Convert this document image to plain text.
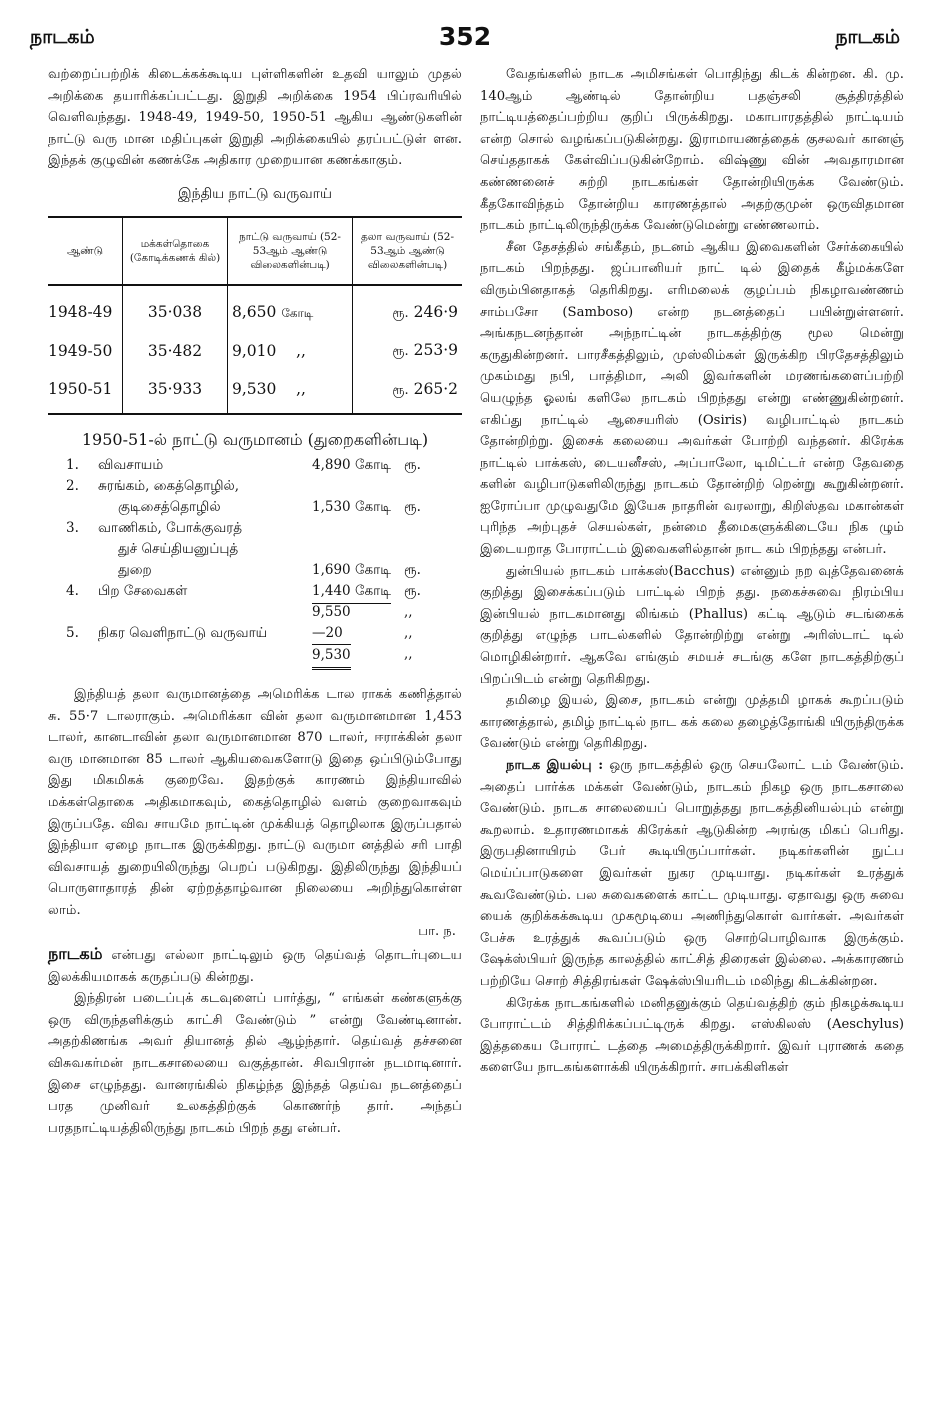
நாடகம்	352	நாடகம்

வற்றைப்பற்றிக் கிடைக்கக்கூடிய புள்ளிகளின் உதவி யாலும் முதல் அறிக்கை தயாரிக்கப்பட்டது. இறுதி அறிக்கை 1954 பிப்ரவரியில் வெளிவந்தது. 1948-49, 1949-50, 1950-51 ஆகிய ஆண்டுகளின் நாட்டு வரு மான மதிப்புகள் இறுதி அறிக்கையில் தரப்பட்டுள் ளன. இந்தக் குழுவின் கணக்கே அதிகார முறையான கணக்காகும்.

இந்திய நாட்டு வருவாய்
ஆண்டு	மக்கள்தொகை (கோடிக்கணக் கில்)	நாட்டு வருவாய் (52-53ஆம் ஆண்டு விலைகளின்படி)	தலா வருவாய் (52-53ஆம் ஆண்டு விலைகளின்படி)
1948-49	35·038	8,650 கோடி	ரூ. 246·9
1949-50	35·482	9,010 ,,	ரூ. 253·9
1950-51	35·933	9,530 ,,	ரூ. 265·2
1950-51-ல் நாட்டு வருமானம் (துறைகளின்படி)
1. விவசாயம்	4,890 கோடி ரூ.
2. சுரங்கம், கைத்தொழில்,
குடிசைத்தொழில்	1,530 கோடி ரூ.
3. வாணிகம், போக்குவரத்
துச் செய்தியனுப்புத்
துறை	1,690 கோடி ரூ.
4. பிற சேவைகள்	1,440 கோடி ரூ.
9,550	,,
5. நிகர வெளிநாட்டு வருவாய்	—20	,,
9,530	,,

இந்தியத் தலா வருமானத்தை அமெரிக்க டால ராகக் கணித்தால் சு. 55·7 டாலராகும். அமெரிக்கா வின் தலா வருமானமான 1,453 டாலர், கானடாவின் தலா வருமானமான 870 டாலர், ஈராக்கின் தலா வரு மானமான 85 டாலர் ஆகியவைகளோடு இதை ஒப்பிடும்போது இது மிகமிகக் குறைவே. இதற்குக் காரணம் இந்தியாவில் மக்கள்தொகை அதிகமாகவும், கைத்தொழில் வளம் குறைவாகவும் இருப்பதே. விவ சாயமே நாட்டின் முக்கியத் தொழிலாக இருப்பதால் இந்தியா ஏழை நாடாக இருக்கிறது. நாட்டு வருமா னத்தில் சரி பாதி விவசாயத் துறையிலிருந்து பெறப் படுகிறது. இதிலிருந்து இந்தியப் பொருளாதாரத் தின் ஏற்றத்தாழ்வான நிலையை அறிந்துகொள்ள லாம்.

பா. ந.

நாடகம் என்பது எல்லா நாட்டிலும் ஒரு தெய்வத் தொடர்புடைய இலக்கியமாகக் கருதப்படு கின்றது.

இந்திரன் படைப்புக் கடவுளைப் பார்த்து, “ எங்கள் கண்களுக்கு ஒரு விருந்தளிக்கும் காட்சி வேண்டும் ” என்று வேண்டினான். அதற்கிணங்க அவர் தியானத் தில் ஆழ்ந்தார். தெய்வத் தச்சனை விசுவகர்மன் நாடகசாலையை வகுத்தான். சிவபிரான் நடமாடினார். இசை எழுந்தது. வானரங்கில் நிகழ்ந்த இந்தத் தெய்வ நடனத்தைப் பரத முனிவர் உலகத்திற்குக் கொணர்ந் தார். அந்தப் பரதநாட்டியத்திலிருந்து நாடகம் பிறந் தது என்பர்.

வேதங்களில் நாடக அமிசங்கள் பொதிந்து கிடக் கின்றன. கி. மு. 140ஆம் ஆண்டில் தோன்றிய பதஞ்சலி சூத்திரத்தில் நாட்டியத்தைப்பற்றிய குறிப் பிருக்கிறது. மகாபாரதத்தில் நாட்டியம் என்ற சொல் வழங்கப்படுகின்றது. இராமாயணத்தைக் குசலவர் கானஞ் செய்ததாகக் கேள்விப்படுகின்றோம். விஷ்ணு வின் அவதாரமான கண்ணனைச் சுற்றி நாடகங்கள் தோன்றியிருக்க வேண்டும். கீதகோவிந்தம் தோன்றிய காரணத்தால் அதற்குமுன் ஒருவிதமான நாடகம் நாட்டிலிருந்திருக்க வேண்டுமென்று எண்ணலாம்.

சீன தேசத்தில் சங்கீதம், நடனம் ஆகிய இவைகளின் சேர்க்கையில் நாடகம் பிறந்தது. ஜப்பானியர் நாட் டில் இதைக் கீழ்மக்களே விரும்பினதாகத் தெரிகிறது. எரிமலைக் குழப்பம் நிகழாவண்ணம் சாம்பசோ (Samboso) என்ற நடனத்தைப் பயின்றுள்ளனர். அங்கநடனந்தான் அந்நாட்டின் நாடகத்திற்கு மூல மென்று கருதுகின்றனர். பாரசீகத்திலும், முஸ்லிம்கள் இருக்கிற பிரதேசத்திலும் முகம்மது நபி, பாத்திமா, அலி இவர்களின் மரணங்களைப்பற்றி யெழுந்த ஓலங் களிலே நாடகம் பிறந்தது என்று எண்ணுகின்றனர். எகிப்து நாட்டில் ஆசையரிஸ் (Osiris) வழிபாட்டில் நாடகம் தோன்றிற்று. இசைக் கலையை அவர்கள் போற்றி வந்தனர். கிரேக்க நாட்டில் பாக்கஸ், டையனீசஸ், அப்பாலோ, டிமிட்டர் என்ற தேவதை களின் வழிபாடுகளிலிருந்து நாடகம் தோன்றிற் றென்று கூறுகின்றனர். ஐரோப்பா முழுவதுமே இயேசு நாதரின் வரலாறு, கிறிஸ்தவ மகான்கள் புரிந்த அற்புதச் செயல்கள், நன்மை தீமைகளுக்கிடையே நிக ழும் இடையறாத போராட்டம் இவைகளில்தான் நாட கம் பிறந்தது என்பர்.

துன்பியல் நாடகம் பாக்கஸ்(Bacchus) என்னும் நற வுத்தேவனைக் குறித்து இசைக்கப்படும் பாட்டில் பிறந் தது. நகைச்சுவை நிரம்பிய இன்பியல் நாடகமானது லிங்கம் (Phallus) கட்டி ஆடும் சடங்கைக் குறித்து எழுந்த பாடல்களில் தோன்றிற்று என்று அரிஸ்டாட் டில் மொழிகின்றார். ஆகவே எங்கும் சமயச் சடங்கு களே நாடகத்திற்குப் பிறப்பிடம் என்று தெரிகிறது.

தமிழை இயல், இசை, நாடகம் என்று முத்தமி ழாகக் கூறப்படும் காரணத்தால், தமிழ் நாட்டில் நாட கக் கலை தழைத்தோங்கி யிருந்திருக்க வேண்டும் என்று தெரிகிறது.

நாடக இயல்பு : ஒரு நாடகத்தில் ஒரு செயலோட் டம் வேண்டும். அதைப் பார்க்க மக்கள் வேண்டும், நாடகம் நிகழ ஒரு நாடகசாலை வேண்டும். நாடக சாலையைப் பொறுத்தது நாடகத்தினியல்பும் என்று கூறலாம். உதாரணமாகக் கிரேக்கர் ஆடுகின்ற அரங்கு மிகப் பெரிது. இருபதினாயிரம் பேர் கூடியிருப்பார்கள். நடிகர்களின் நுட்ப மெய்ப்பாடுகளை இவர்கள் நுகர முடியாது. நடிகர்கள் உரத்துக் கூவவேண்டும். பல சுவைகளைக் காட்ட முடியாது. ஏதாவது ஒரு சுவை யைக் குறிக்கக்கூடிய முகமூடியை அணிந்துகொள் வார்கள். அவர்கள் பேச்சு உரத்துக் கூவப்படும் ஒரு சொற்பொழிவாக இருக்கும். ஷேக்ஸ்பியர் இருந்த காலத்தில் காட்சித் திரைகள் இல்லை. அக்காரணம் பற்றியே சொற் சித்திரங்கள் ஷேக்ஸ்பியரிடம் மலிந்து கிடக்கின்றன.

கிரேக்க நாடகங்களில் மனிதனுக்கும் தெய்வத்திற் கும் நிகழக்கூடிய போராட்டம் சித்திரிக்கப்பட்டிருக் கிறது. எஸ்கிலஸ் (Aeschylus) இத்தகைய போராட் டத்தை அமைத்திருக்கிறார். இவர் புராணக் கதை களையே நாடகங்களாக்கி யிருக்கிறார். சாபக்கிளிகள்
